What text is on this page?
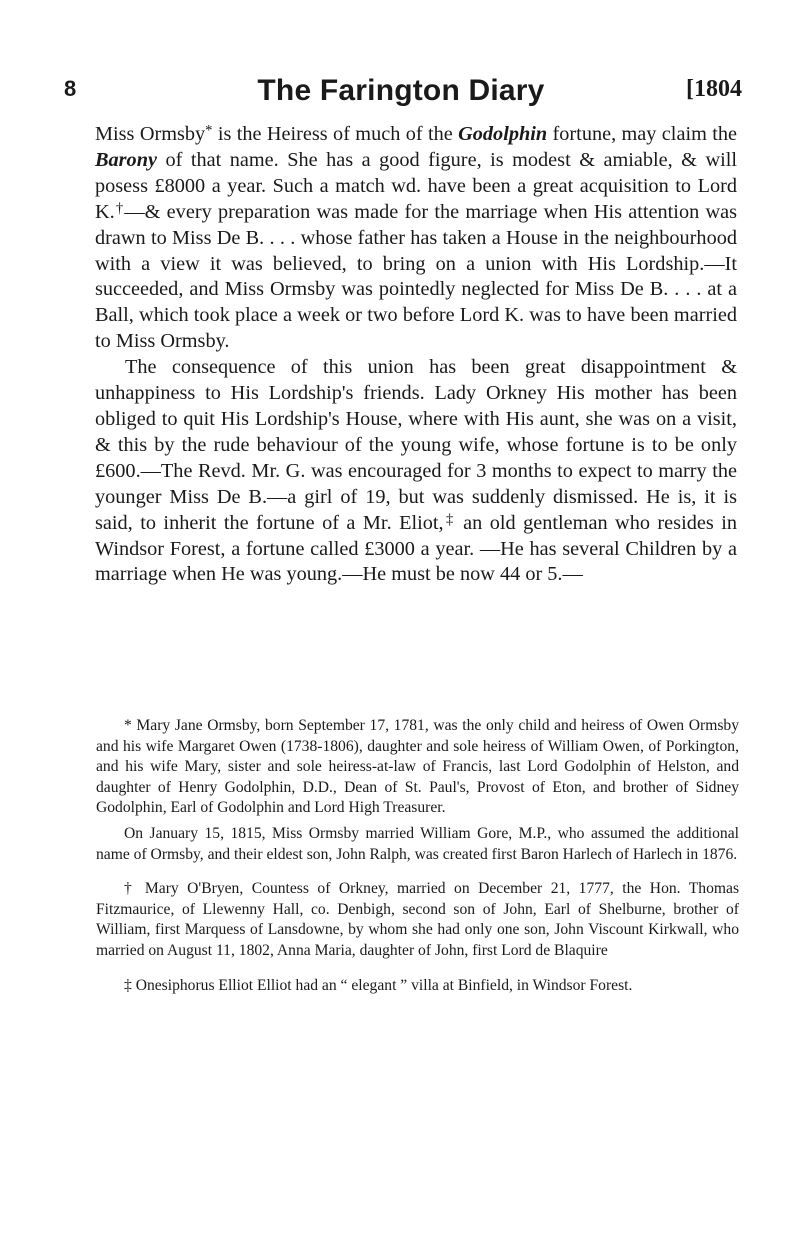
8	The Farington Diary	[1804

Miss Ormsby* is the Heiress of much of the Godolphin fortune, may claim the Barony of that name. She has a good figure, is modest & amiable, & will posess £8000 a year. Such a match wd. have been a great acquisition to Lord K.†—& every preparation was made for the marriage when His attention was drawn to Miss De B. . . . whose father has taken a House in the neighbourhood with a view it was believed, to bring on a union with His Lordship.—It succeeded, and Miss Ormsby was pointedly neglected for Miss De B. . . . at a Ball, which took place a week or two before Lord K. was to have been married to Miss Ormsby.

The consequence of this union has been great disappointment & unhappiness to His Lordship's friends. Lady Orkney His mother has been obliged to quit His Lordship's House, where with His aunt, she was on a visit, & this by the rude behaviour of the young wife, whose fortune is to be only £600.—The Revd. Mr. G. was encouraged for 3 months to expect to marry the younger Miss De B.—a girl of 19, but was suddenly dismissed. He is, it is said, to inherit the fortune of a Mr. Eliot,‡ an old gentleman who resides in Windsor Forest, a fortune called £3000 a year. —He has several Children by a marriage when He was young.—He must be now 44 or 5.—

* Mary Jane Ormsby, born September 17, 1781, was the only child and heiress of Owen Ormsby and his wife Margaret Owen (1738-1806), daughter and sole heiress of William Owen, of Porkington, and his wife Mary, sister and sole heiress-at-law of Francis, last Lord Godolphin of Helston, and daughter of Henry Godolphin, D.D., Dean of St. Paul's, Provost of Eton, and brother of Sidney Godolphin, Earl of Godolphin and Lord High Treasurer.

On January 15, 1815, Miss Ormsby married William Gore, M.P., who assumed the additional name of Ormsby, and their eldest son, John Ralph, was created first Baron Harlech of Harlech in 1876.

† Mary O'Bryen, Countess of Orkney, married on December 21, 1777, the Hon. Thomas Fitzmaurice, of Llewenny Hall, co. Denbigh, second son of John, Earl of Shelburne, brother of William, first Marquess of Lansdowne, by whom she had only one son, John Viscount Kirkwall, who married on August 11, 1802, Anna Maria, daughter of John, first Lord de Blaquire

‡ Onesiphorus Elliot Elliot had an “ elegant ” villa at Binfield, in Windsor Forest.
